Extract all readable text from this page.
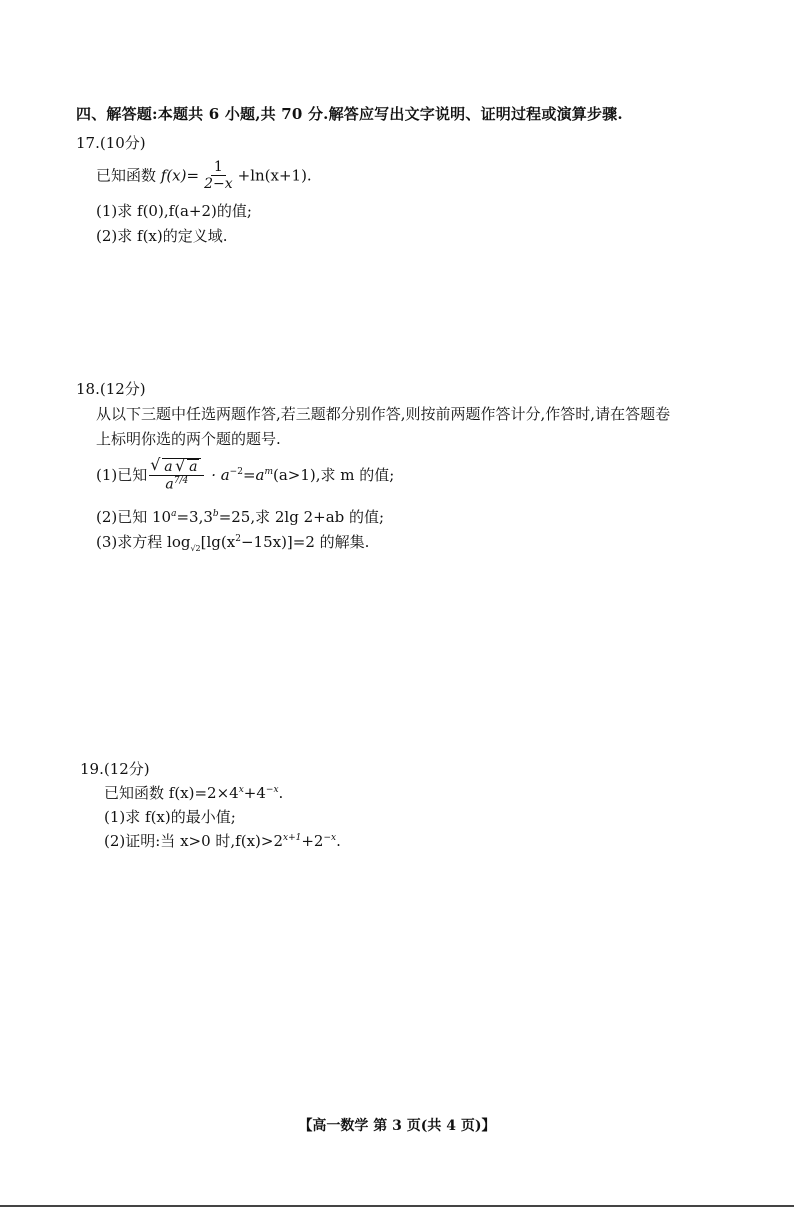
四、解答题:本题共 6 小题,共 70 分.解答应写出文字说明、证明过程或演算步骤.
17.(10分)
已知函数 $f(x)= \frac{1}{2-x} +\ln(x+1)$.
(1)求 f(0),f(a+2)的值;
(2)求 f(x)的定义域.
18.(12分)
从以下三题中任选两题作答,若三题都分别作答,则按前两题作答计分,作答时,请在答题卷
上标明你选的两个题的题号.
(1)已知 √ $\frac{a √ a}{a^{7/4}} \cdot a^{-2}=a^m(a>1)$,求 m 的值;
(2)已知 $10^a=3,3^b=25$,求 2lg 2+ab 的值;
(3)求方程 $\log_{√2}[\lg(x^2-15x)]=2$ 的解集.
19.(12分)
已知函数 $f(x)=2\times 4^x+4^{-x}$.
(1)求 f(x)的最小值;
(2)证明:当 x>0 时$,f(x)>2^{x+1}+2^{-x}$.
【高一数学 第 3 页(共 4 页)】
